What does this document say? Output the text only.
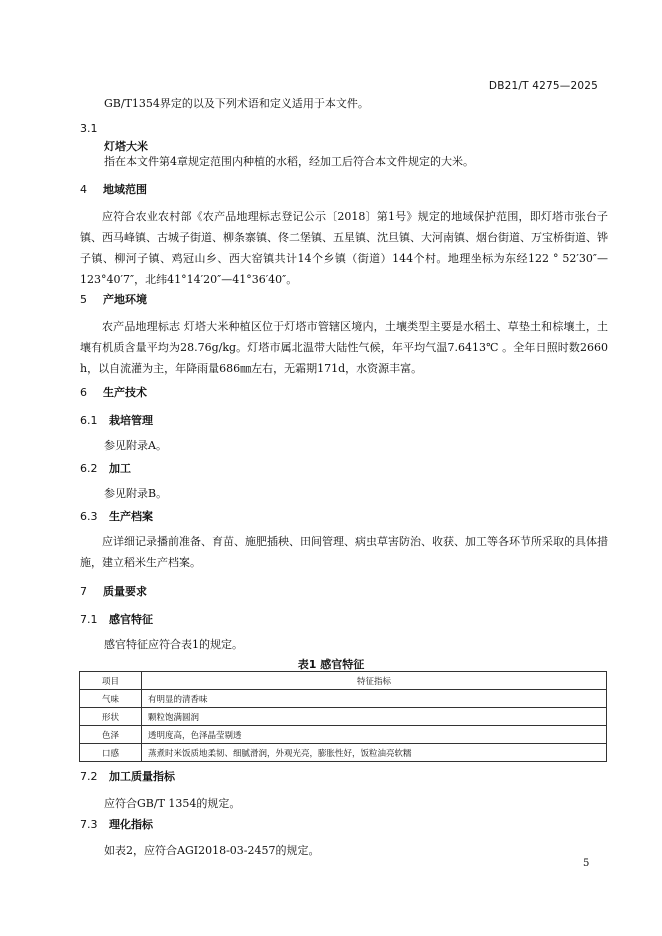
DB21/T 4275—2025
GB/T1354界定的以及下列术语和定义适用于本文件。
3.1
灯塔大米
指在本文件第4章规定范围内种植的水稻，经加工后符合本文件规定的大米。
4 地域范围
应符合农业农村部《农产品地理标志登记公示〔2018〕第1号》规定的地域保护范围，即灯塔市张台子镇、西马峰镇、古城子街道、柳条寨镇、佟二堡镇、五星镇、沈旦镇、大河南镇、烟台街道、万宝桥街道、铧子镇、柳河子镇、鸡冠山乡、西大窑镇共计14个乡镇（街道）144个村。地理坐标为东经122 ° 52′30″—123°40′7″，北纬41°14′20″—41°36′40″。
5 产地环境
农产品地理标志 灯塔大米种植区位于灯塔市管辖区境内，土壤类型主要是水稻土、草垫土和棕壤土，土壤有机质含量平均为28.76g/kg。灯塔市属北温带大陆性气候，年平均气温7.6413℃ 。全年日照时数2660 h，以自流灌为主，年降雨量686㎜左右，无霜期171d，水资源丰富。
6 生产技术
6.1 栽培管理
参见附录A。
6.2 加工
参见附录B。
6.3 生产档案
应详细记录播前准备、育苗、施肥插秧、田间管理、病虫草害防治、收获、加工等各环节所采取的具体措施，建立稻米生产档案。
7 质量要求
7.1 感官特征
感官特征应符合表1的规定。
表1 感官特征
项目	特征指标
气味	有明显的清香味
形状	颗粒饱满圆润
色泽	透明度高，色泽晶莹剔透
口感	蒸煮时米饭质地柔韧、细腻滑润，外观光亮，膨胀性好，饭粒油亮软糯
7.2 加工质量指标
应符合GB/T 1354的规定。
7.3 理化指标
如表2，应符合AGI2018-03-2457的规定。
5
